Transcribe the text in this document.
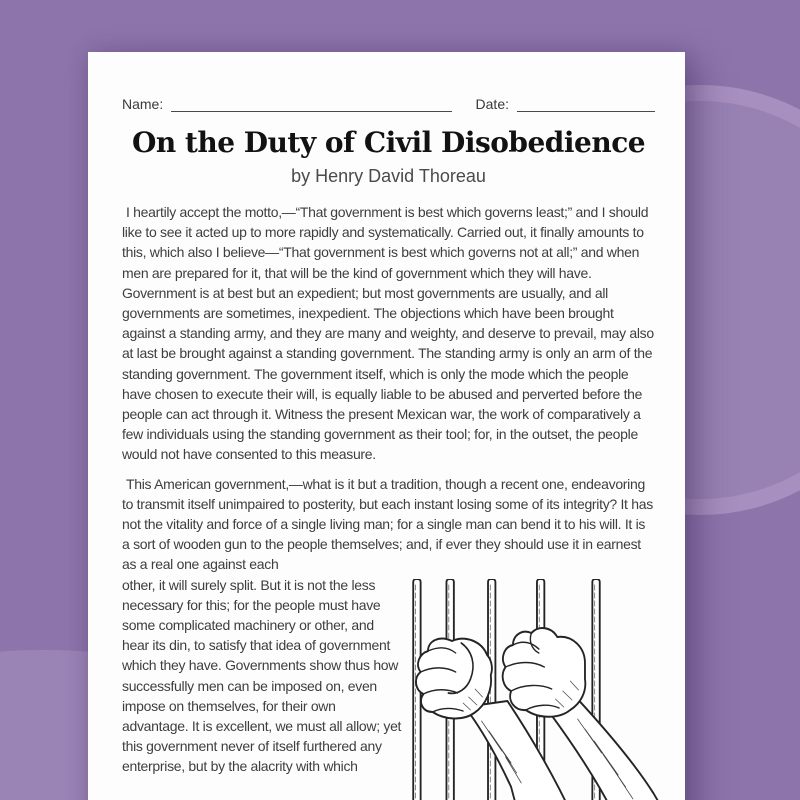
Name:	Date:
On the Duty of Civil Disobedience
by Henry David Thoreau

I heartily accept the motto,—“That government is best which governs least;” and I should like to see it acted up to more rapidly and systematically. Carried out, it finally amounts to this, which also I believe—“That government is best which governs not at all;” and when men are prepared for it, that will be the kind of government which they will have. Government is at best but an expedient; but most governments are usually, and all governments are sometimes, inexpedient. The objections which have been brought against a standing army, and they are many and weighty, and deserve to prevail, may also at last be brought against a standing government. The standing army is only an arm of the standing government. The government itself, which is only the mode which the people have chosen to execute their will, is equally liable to be abused and perverted before the people can act through it. Witness the present Mexican war, the work of comparatively a few individuals using the standing government as their tool; for, in the outset, the people would not have consented to this measure.

This American government,—what is it but a tradition, though a recent one, endeavoring to transmit itself unimpaired to posterity, but each instant losing some of its integrity? It has not the vitality and force of a single living man; for a single man can bend it to his will. It is a sort of wooden gun to the people themselves; and, if ever they should use it in earnest as a real one against each

other, it will surely split. But it is not the less necessary for this; for the people must have some complicated machinery or other, and hear its din, to satisfy that idea of government which they have. Governments show thus how successfully men can be imposed on, even impose on themselves, for their own advantage. It is excellent, we must all allow; yet this government never of itself furthered any enterprise, but by the alacrity with which
